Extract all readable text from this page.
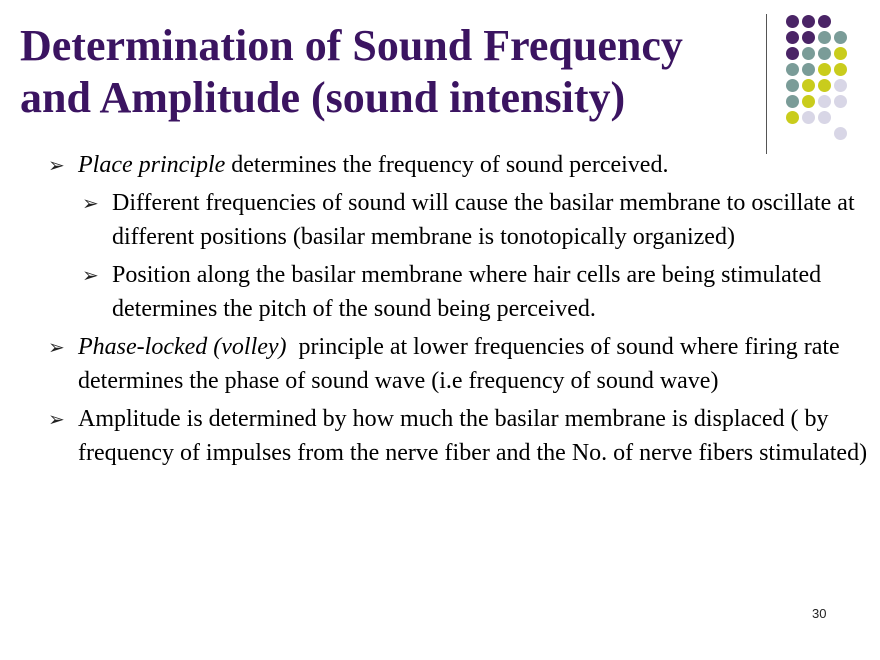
Determination of Sound Frequency
and Amplitude (sound intensity)
➢ Place principle determines the frequency of sound perceived.
➢ Different frequencies of sound will cause the basilar membrane to oscillate at different positions (basilar membrane is tonotopically organized)
➢ Position along the basilar membrane where hair cells are being stimulated determines the pitch of the sound being perceived.
➢ Phase-locked (volley)  principle at lower frequencies of sound where firing rate determines the phase of sound wave (i.e frequency of sound wave)
➢ Amplitude is determined by how much the basilar membrane is displaced ( by frequency of impulses from the nerve fiber and the No. of nerve fibers stimulated)
30
